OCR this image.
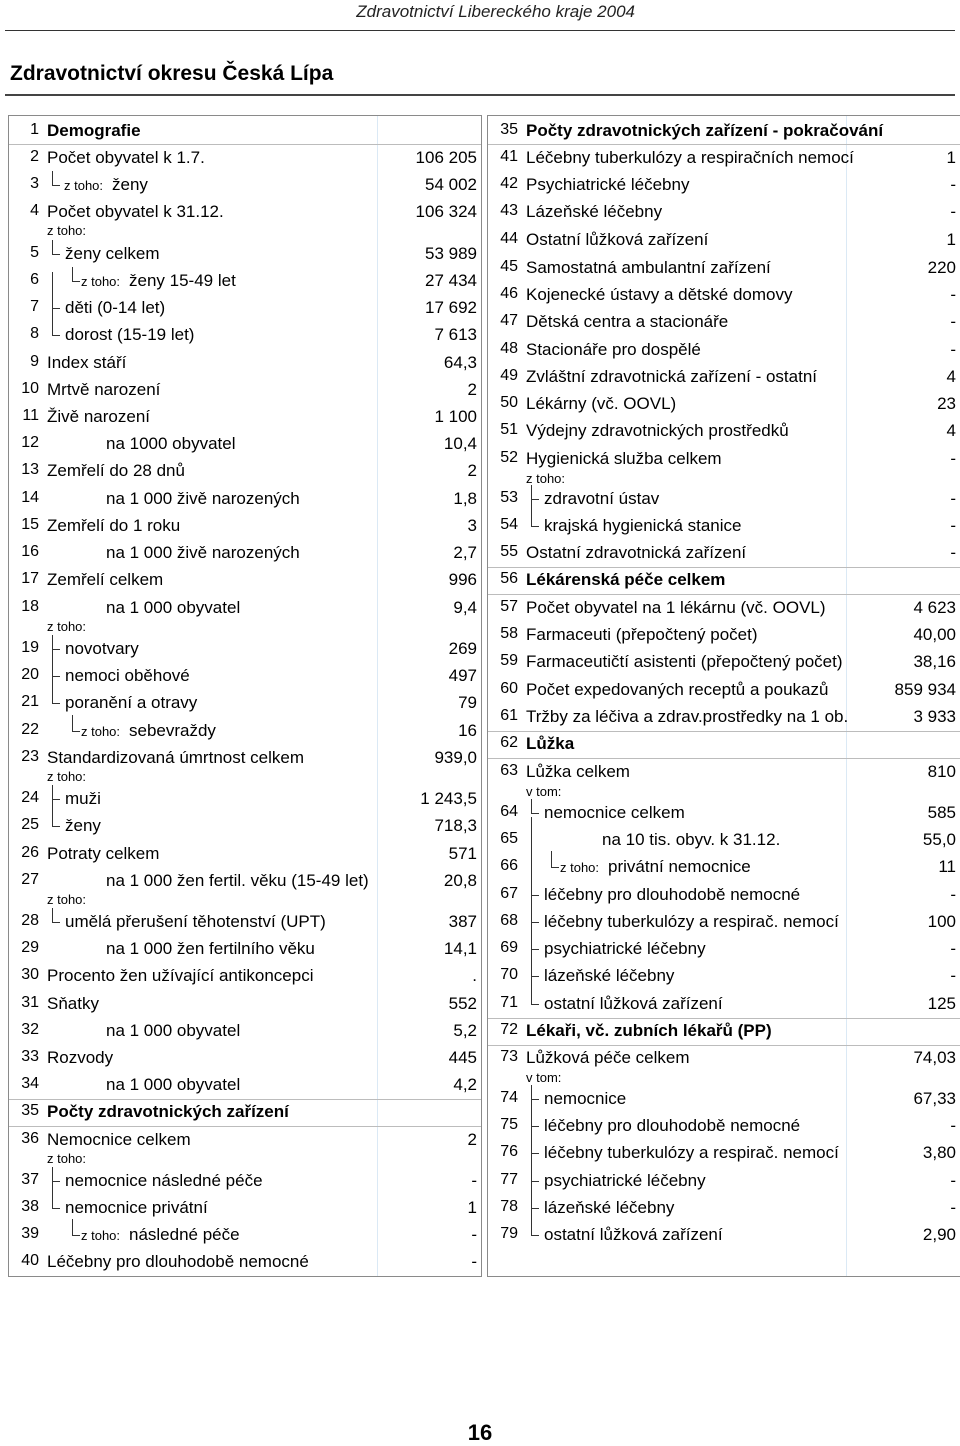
Zdravotnictví Libereckého kraje 2004
Zdravotnictví okresu Česká Lípa
1 Demografie
2 Počet obyvatel k 1.7.	106 205
3 z toho: ženy	54 002
4 Počet obyvatel k 31.12.	106 324
z toho:
5 ženy celkem	53 989
6	z toho: ženy 15-49 let	27 434
7 děti (0-14 let)	17 692
8 dorost (15-19 let)	7 613
9 Index stáří	64,3
10 Mrtvě narození	2
11 Živě narození	1 100
12	na 1000 obyvatel	10,4
13 Zemřelí do 28 dnů	2
14	na 1 000 živě narozených	1,8
15 Zemřelí do 1 roku	3
16	na 1 000 živě narozených	2,7
17 Zemřelí celkem	996
18	na 1 000 obyvatel	9,4
z toho:
19 novotvary	269
20 nemoci oběhové	497
21 poranění a otravy	79
22	z toho: sebevraždy	16
23 Standardizovaná úmrtnost celkem	939,0
z toho:
24 muži	1 243,5
25 ženy	718,3
26 Potraty celkem	571
27	na 1 000 žen fertil. věku (15-49 let)	20,8
z toho:
28 umělá přerušení těhotenství (UPT)	387
29	na 1 000 žen fertilního věku	14,1
30 Procento žen užívající antikoncepci	.
31 Sňatky	552
32	na 1 000 obyvatel	5,2
33 Rozvody	445
34	na 1 000 obyvatel	4,2
35 Počty zdravotnických zařízení
36 Nemocnice celkem	2
z toho:
37 nemocnice následné péče	-
38 nemocnice privátní	1
39	z toho: následné péče	-
40 Léčebny pro dlouhodobě nemocné	-
35 Počty zdravotnických zařízení - pokračování
41 Léčebny tuberkulózy a respiračních nemocí	1
42 Psychiatrické léčebny	-
43 Lázeňské léčebny	-
44 Ostatní lůžková zařízení	1
45 Samostatná ambulantní zařízení	220
46 Kojenecké ústavy a dětské domovy	-
47 Dětská centra a stacionáře	-
48 Stacionáře pro dospělé	-
49 Zvláštní zdravotnická zařízení - ostatní	4
50 Lékárny (vč. OOVL)	23
51 Výdejny zdravotnických prostředků	4
52 Hygienická služba celkem	-
z toho:
53 zdravotní ústav	-
54 krajská hygienická stanice	-
55 Ostatní zdravotnická zařízení	-
56 Lékárenská péče celkem
57 Počet obyvatel na 1 lékárnu (vč. OOVL)	4 623
58 Farmaceuti (přepočtený počet)	40,00
59 Farmaceutičtí asistenti (přepočtený počet)	38,16
60 Počet expedovaných receptů a poukazů	859 934
61 Tržby za léčiva a zdrav.prostředky na 1 ob.	3 933
62 Lůžka
63 Lůžka celkem	810
v tom:
64 nemocnice celkem	585
65	na 10 tis. obyv. k 31.12.	55,0
66	z toho: privátní nemocnice	11
67 léčebny pro dlouhodobě nemocné	-
68 léčebny tuberkulózy a respirač. nemocí	100
69 psychiatrické léčebny	-
70 lázeňské léčebny	-
71 ostatní lůžková zařízení	125
72 Lékaři, vč. zubních lékařů (PP)
73 Lůžková péče celkem	74,03
v tom:
74 nemocnice	67,33
75 léčebny pro dlouhodobě nemocné	-
76 léčebny tuberkulózy a respirač. nemocí	3,80
77 psychiatrické léčebny	-
78 lázeňské léčebny	-
79 ostatní lůžková zařízení	2,90
16
